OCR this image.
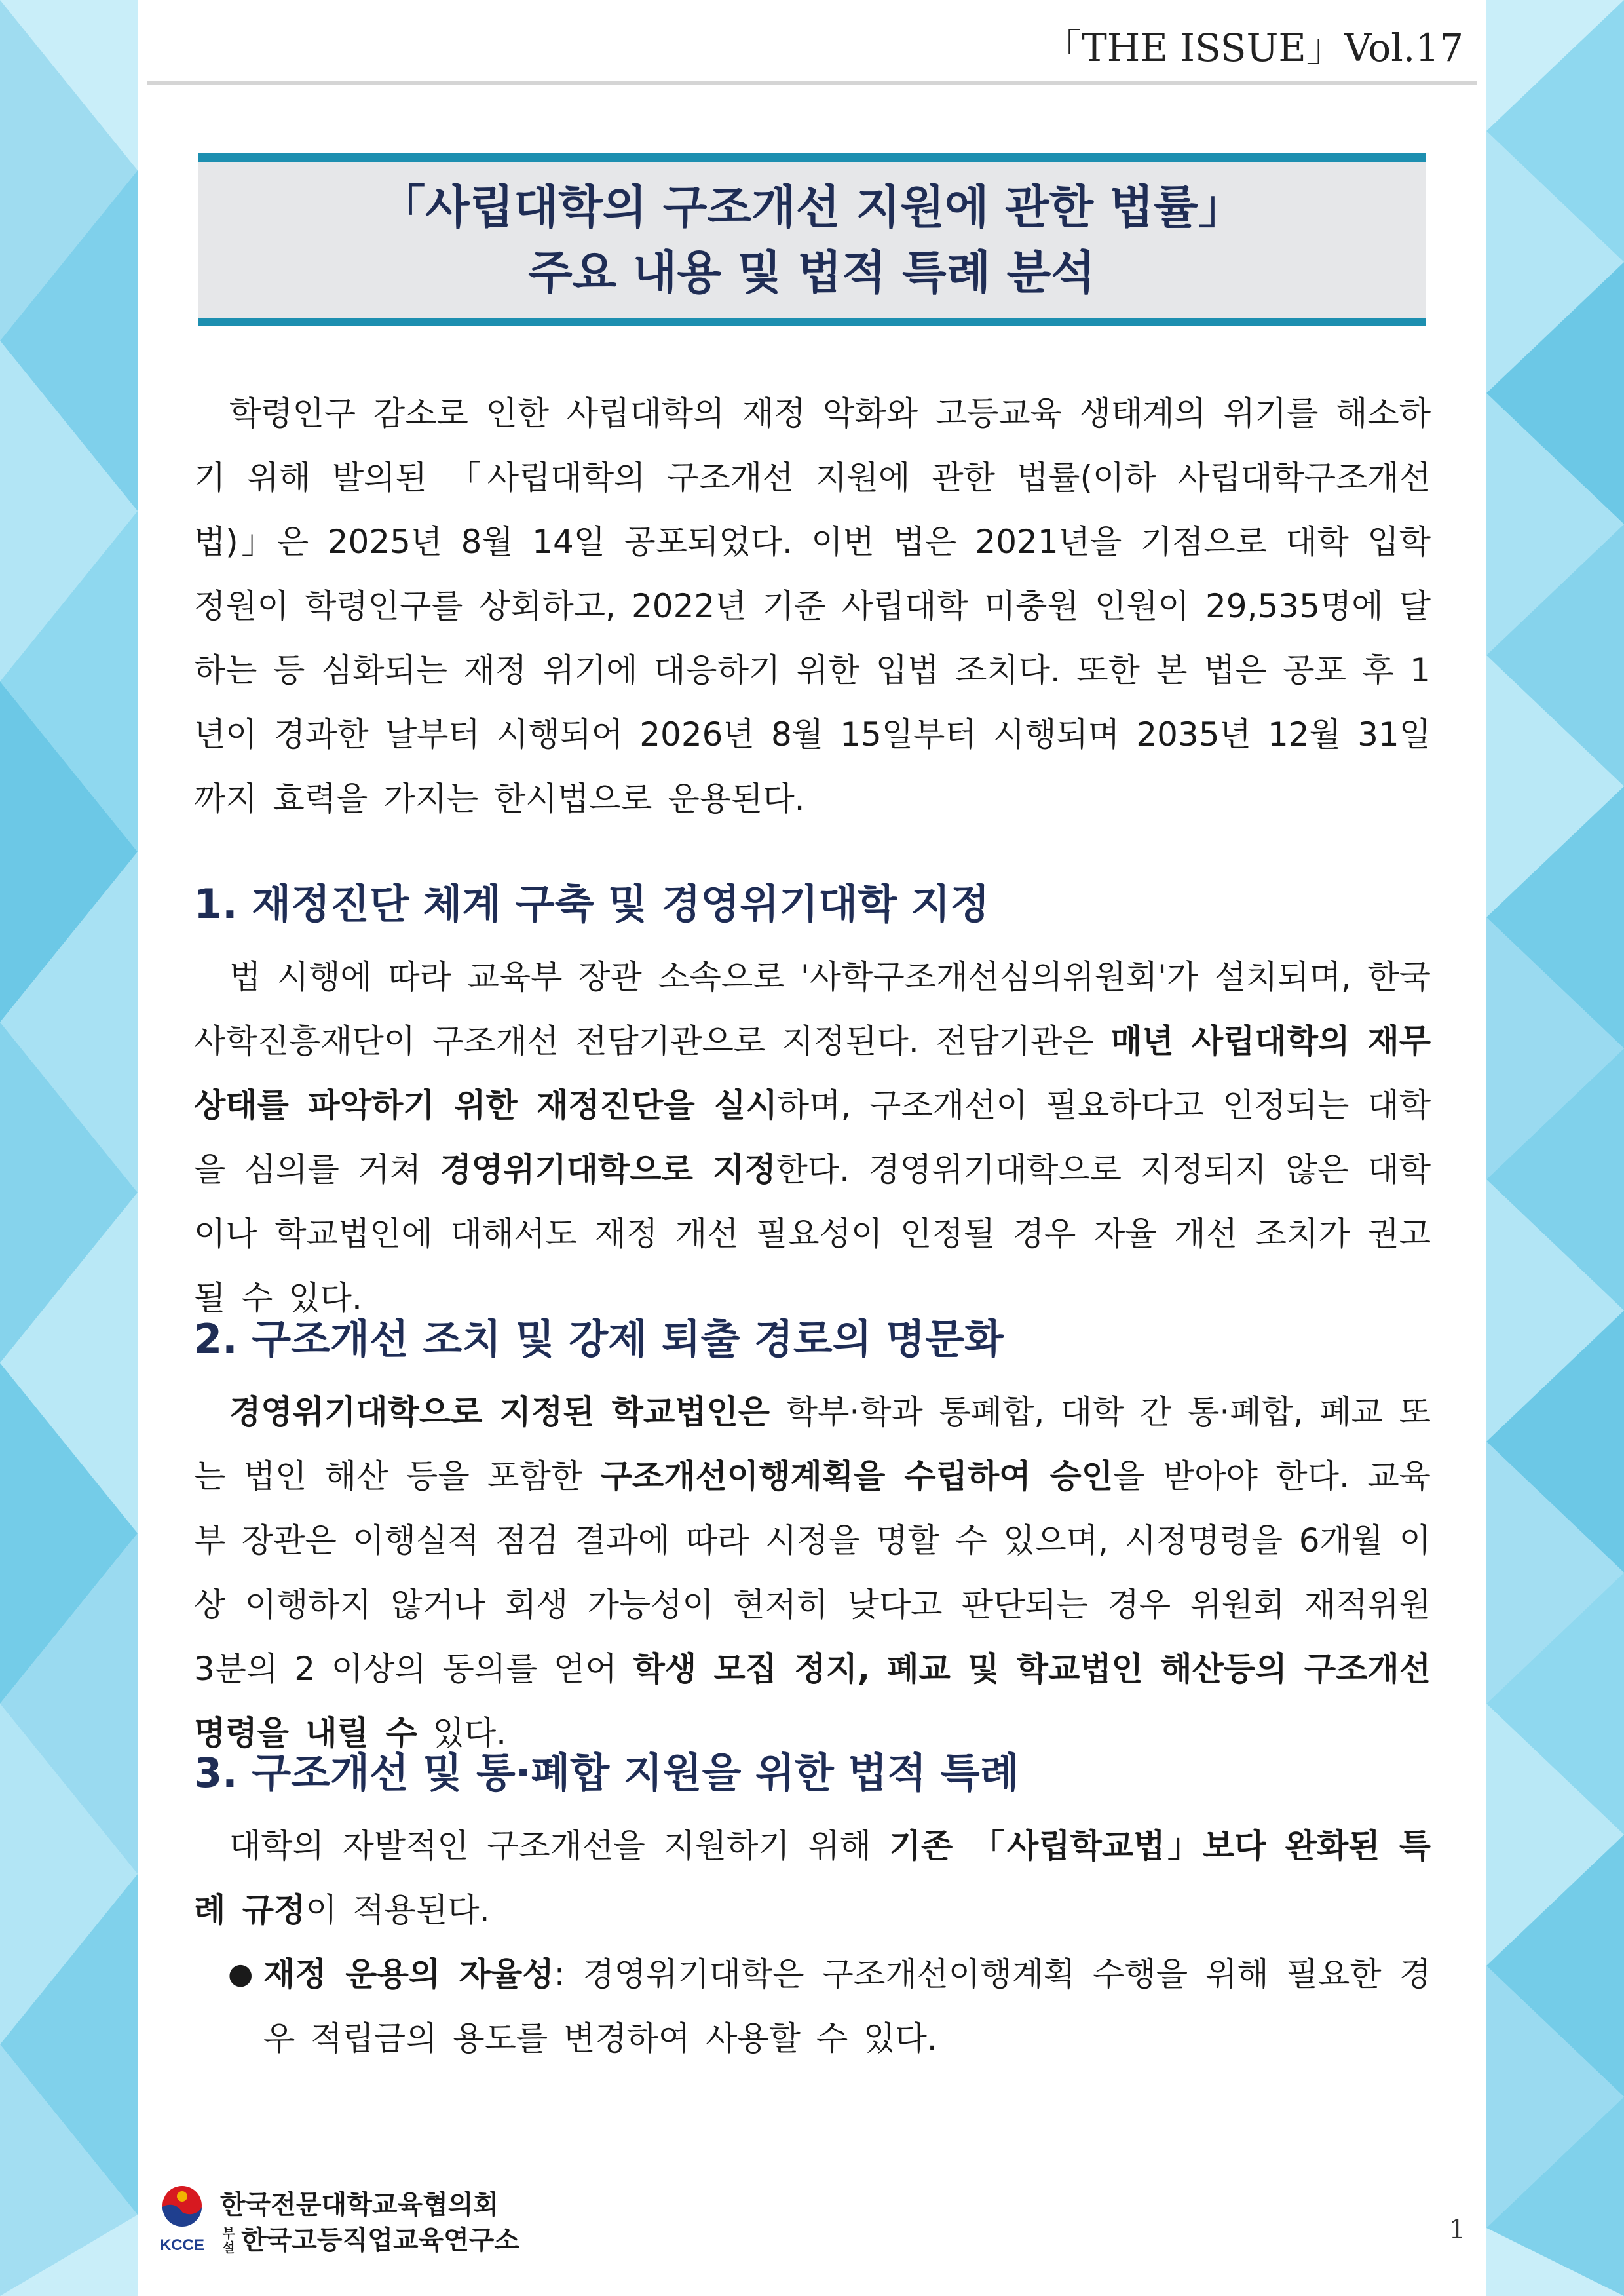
「THE ISSUE」Vol.17
「사립대학의 구조개선 지원에 관한 법률」
주요 내용 및 법적 특례 분석

학령인구 감소로 인한 사립대학의 재정 악화와 고등교육 생태계의 위기를 해소하기 위해 발의된 「사립대학의 구조개선 지원에 관한 법률(이하 사립대학구조개선법)」은 2025년 8월 14일 공포되었다. 이번 법은 2021년을 기점으로 대학 입학 정원이 학령인구를 상회하고, 2022년 기준 사립대학 미충원 인원이 29,535명에 달하는 등 심화되는 재정 위기에 대응하기 위한 입법 조치다. 또한 본 법은 공포 후 1년이 경과한 날부터 시행되어 2026년 8월 15일부터 시행되며 2035년 12월 31일까지 효력을 가지는 한시법으로 운용된다.

1. 재정진단 체계 구축 및 경영위기대학 지정

법 시행에 따라 교육부 장관 소속으로 '사학구조개선심의위원회'가 설치되며, 한국사학진흥재단이 구조개선 전담기관으로 지정된다. 전담기관은 매년 사립대학의 재무 상태를 파악하기 위한 재정진단을 실시하며, 구조개선이 필요하다고 인정되는 대학을 심의를 거쳐 경영위기대학으로 지정한다. 경영위기대학으로 지정되지 않은 대학이나 학교법인에 대해서도 재정 개선 필요성이 인정될 경우 자율 개선 조치가 권고될 수 있다.

2. 구조개선 조치 및 강제 퇴출 경로의 명문화

경영위기대학으로 지정된 학교법인은 학부·학과 통폐합, 대학 간 통·폐합, 폐교 또는 법인 해산 등을 포함한 구조개선이행계획을 수립하여 승인을 받아야 한다. 교육부 장관은 이행실적 점검 결과에 따라 시정을 명할 수 있으며, 시정명령을 6개월 이상 이행하지 않거나 회생 가능성이 현저히 낮다고 판단되는 경우 위원회 재적위원 3분의 2 이상의 동의를 얻어 학생 모집 정지, 폐교 및 학교법인 해산등의 구조개선명령을 내릴 수 있다.

3. 구조개선 및 통·폐합 지원을 위한 법적 특례

대학의 자발적인 구조개선을 지원하기 위해 기존 「사립학교법」보다 완화된 특례 규정이 적용된다.

● 재정 운용의 자율성: 경영위기대학은 구조개선이행계획 수행을 위해 필요한 경우 적립금의 용도를 변경하여 사용할 수 있다.
KCCE
한국전문대학교육협의회
부설 한국고등직업교육연구소	1
